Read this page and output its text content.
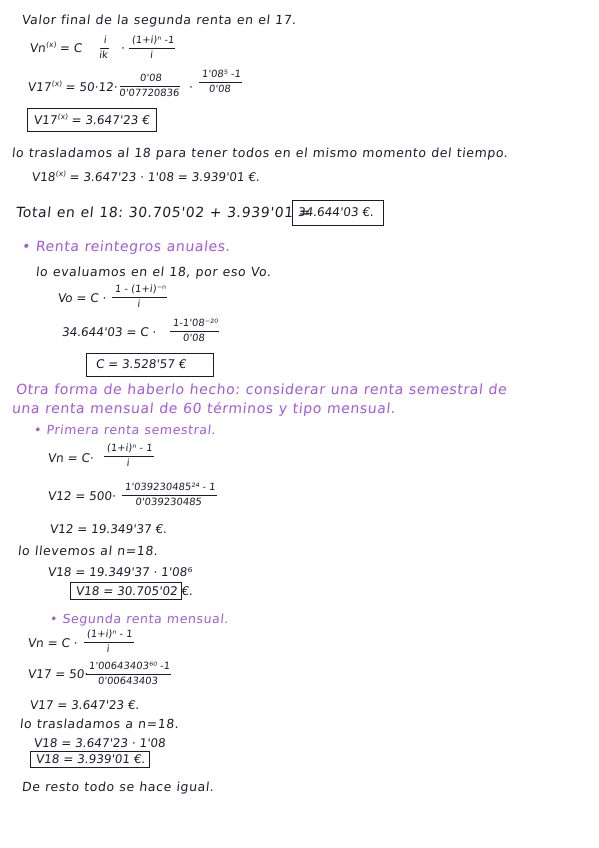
Valor final de la segunda renta en el 17.
$Vn^{(x)} = C \frac{i}{ik} \cdot \frac{\text{(1+i)ⁿ -1}}{i}$
$V17^{(x)} = 50\cdot 12\cdot \frac{0'08}{0'07720836} \cdot \frac{\text{1'08⁵ -1}}{0'08}$
$V17^{(x)} = 3.647'23$ €
lo trasladamos al 18 para tener todos en el mismo momento del tiempo.
$V18^{(x)} = 3.647'23 \cdot 1'08 = 3.939'01$ €.
Total en el 18: 30.705'02 + 3.939'01 =
34.644'03 €.
• Renta reintegros anuales.
lo evaluamos en el 18, por eso Vo.
$Vo = C \cdot \frac{\text{1 - (1+i)⁻ⁿ}}{i}$
$34.644'03 = C \cdot \frac{\text{1-1'08⁻²⁰}}{0'08}$
C = 3.528'57 €
Otra forma de haberlo hecho: considerar una renta semestral de
una renta mensual de 60 términos y tipo mensual.
• Primera renta semestral.
$Vn = C\cdot \frac{\text{(1+i)ⁿ - 1}}{i}$
$V12 = 500\cdot \frac{\text{1'039230485²⁴ - 1}}{0'039230485}$
V12 = 19.349'37 €.
lo llevemos al n=18.
V18 = 19.349'37 · 1'08⁶
V18 = 30.705'02 €.
• Segunda renta mensual.
$Vn = C \cdot \frac{\text{(1+i)ⁿ - 1}}{i}$
V17 = 50·
$\frac{\text{1'00643403⁶⁰ -1}}{0'00643403}$
V17 = 3.647'23 €.
lo trasladamos a n=18.
V18 = 3.647'23 · 1'08
V18 = 3.939'01 €.
De resto todo se hace igual.
